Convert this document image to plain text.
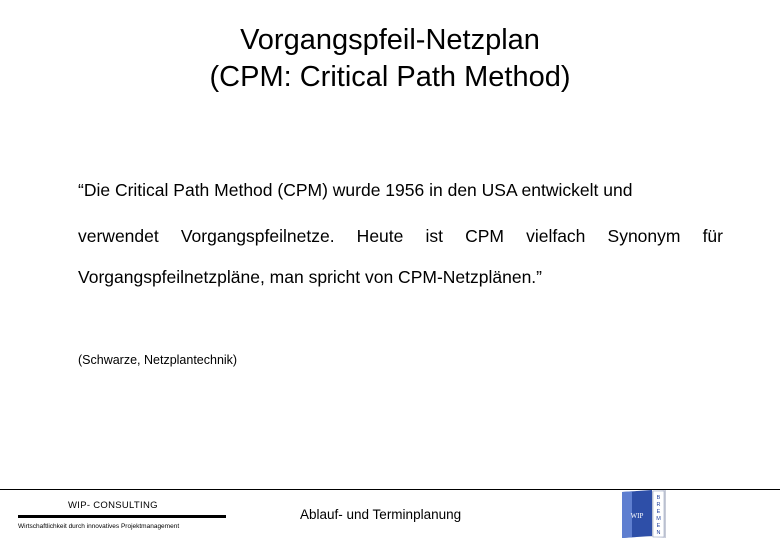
Vorgangspfeil-Netzplan
(CPM: Critical Path Method)
“Die Critical Path Method (CPM) wurde 1956 in den USA entwickelt und
verwendet Vorgangspfeilnetze. Heute ist CPM vielfach Synonym für
Vorgangspfeilnetzpläne, man spricht von CPM-Netzplänen.”
(Schwarze, Netzplantechnik)
WIP- CONSULTING
Wirtschaftlichkeit durch innovatives Projektmanagement
Ablauf- und Terminplanung	WIP
B
R
E
M
E
N
